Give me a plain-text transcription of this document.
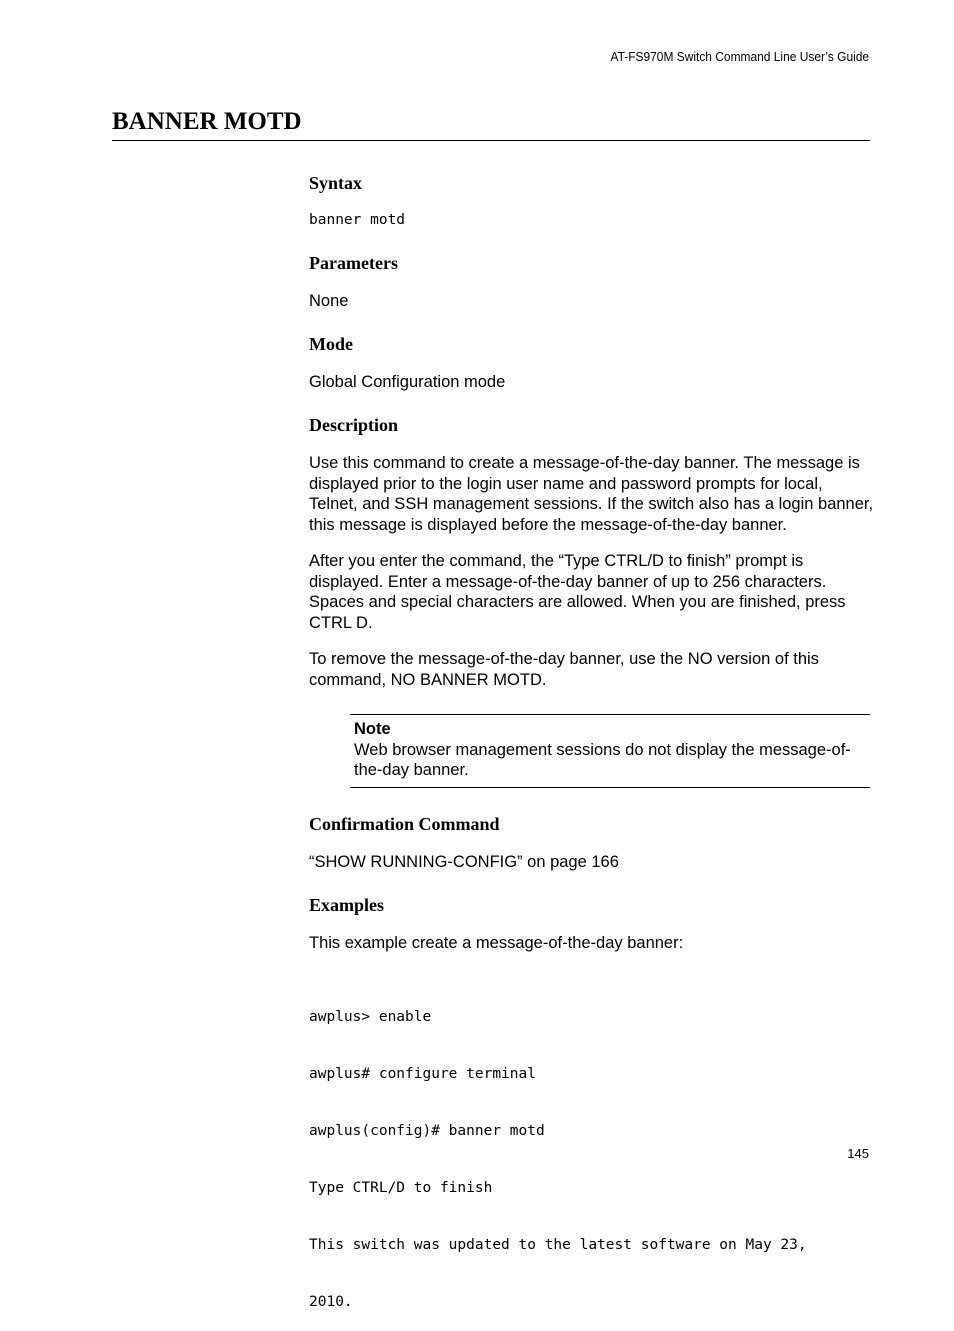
AT-FS970M Switch Command Line User’s Guide
BANNER MOTD
Syntax
banner motd
Parameters
None
Mode
Global Configuration mode
Description
Use this command to create a message-of-the-day banner. The message is displayed prior to the login user name and password prompts for local, Telnet, and SSH management sessions. If the switch also has a login banner, this message is displayed before the message-of-the-day banner.
After you enter the command, the “Type CTRL/D to finish” prompt is displayed. Enter a message-of-the-day banner of up to 256 characters. Spaces and special characters are allowed. When you are finished, press CTRL D.
To remove the message-of-the-day banner, use the NO version of this command, NO BANNER MOTD.
Note
Web browser management sessions do not display the message-of-the-day banner.
Confirmation Command
“SHOW RUNNING-CONFIG” on page 166
Examples
This example create a message-of-the-day banner:

awplus> enable

awplus# configure terminal

awplus(config)# banner motd

Type CTRL/D to finish

This switch was updated to the latest software on May 23,

2010.

145
